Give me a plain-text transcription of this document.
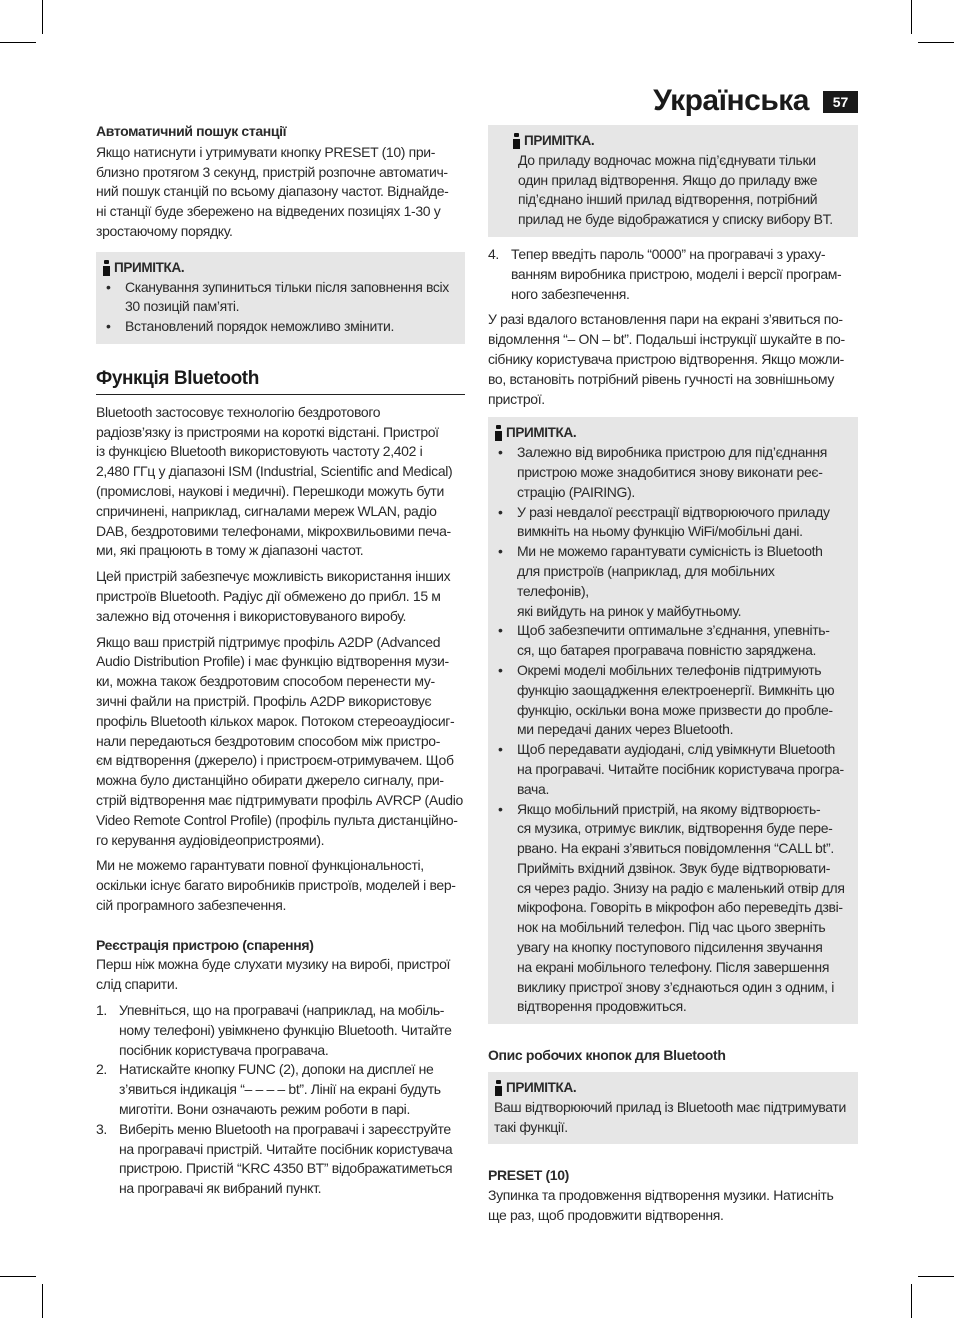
Українська	57

Автоматичний пошук станції

Якщо натиснути і утримувати кнопку PRESET (10) при-
близно протягом 3 секунд, пристрій розпочне автоматич-
ний пошук станцій по всьому діапазону частот. Віднайде-
ні станції буде збережено на відведених позиціях 1-30 у
зростаючому порядку.

ПРИМІТКА.
• Сканування зупиниться тільки після заповнення всіх
30 позицій пам’яті.
• Встановлений порядок неможливо змінити.
Функція Bluetooth

Bluetooth застосовує технологію бездротового
радіозв’язку із пристроями на короткі відстані. Пристрої
із функцією Bluetooth використовують частоту 2,402 і
2,480 ГГц у діапазоні ISM (Industrial, Scientific and Medical)
(промислові, наукові і медичні). Перешкоди можуть бути
спричинені, наприклад, сигналами мереж WLAN, радіо
DAB, бездротовими телефонами, мікрохвильовими печа-
ми, які працюють в тому ж діапазоні частот.

Цей пристрій забезпечує можливість використання інших
пристроїв Bluetooth. Радіус дії обмежено до прибл. 15 м
залежно від оточення і використовуваного виробу.

Якщо ваш пристрій підтримує профіль A2DP (Advanced
Audio Distribution Profile) і має функцію відтворення музи-
ки, можна також бездротовим способом перенести му-
зичні файли на пристрій. Профіль A2DP використовує
профіль Bluetooth кількох марок. Потоком стереоаудіосиг-
нали передаються бездротовим способом між пристро-
єм відтворення (джерело) і пристроєм-отримувачем. Щоб
можна було дистанційно обирати джерело сигналу, при-
стрій відтворення має підтримувати профіль AVRCP (Audio
Video Remote Control Profile) (профіль пульта дистанційно-
го керування аудіовідеопристроями).

Ми не можемо гарантувати повної функціональності,
оскільки існує багато виробників пристроїв, моделей і вер-
сій програмного забезпечення.

Реєстрація пристрою (спарення)

Перш ніж можна буде слухати музику на виробі, пристрої
слід спарити.

1. Упевніться, що на програвачі (наприклад, на мобіль-
ному телефоні) увімкнено функцію Bluetooth. Читайте
посібник користувача програвача.
2. Натискайте кнопку FUNC (2), допоки на дисплеї не
з’явиться індикація “– – – – bt”. Лінії на екрані будуть
миготіти. Вони означають режим роботи в парі.
3. Виберіть меню Bluetooth на програвачі і зареєструйте
на програвачі пристрій. Читайте посібник користувача
пристрою. Пристій “KRC 4350 BT” відображатиметься
на програвачі як вибраний пункт.
ПРИМІТКА.

До приладу водночас можна під’єднувати тільки
один прилад відтворення. Якщо до приладу вже
під’єднано інший прилад відтворення, потрібний
прилад не буде відображатися у списку вибору BT.

4. Тепер введіть пароль “0000” на програвачі з ураху-
ванням виробника пристрою, моделі і версії програм-
ного забезпечення.

У разі вдалого встановлення пари на екрані з’явиться по-
відомлення “– ON – bt”. Подальші інструкції шукайте в по-
сібнику користувача пристрою відтворення. Якщо можли-
во, встановіть потрібний рівень гучності на зовнішньому
пристрої.

ПРИМІТКА.
• Залежно від виробника пристрою для під’єднання
пристрою може знадобитися знову виконати реє-
страцію (PAIRING).
• У разі невдалої реєстрації відтворюючого приладу
вимкніть на ньому функцію WiFi/мобільні дані.
• Ми не можемо гарантувати сумісність із Bluetooth
для пристроїв (наприклад, для мобільних телефонів),
які вийдуть на ринок у майбутньому.
• Щоб забезпечити оптимальне з’єднання, упевніть-
ся, що батарея програвача повністю заряджена.
• Окремі моделі мобільних телефонів підтримують
функцію заощадження електроенергії. Вимкніть цю
функцію, оскільки вона може призвести до пробле-
ми передачі даних через Bluetooth.
• Щоб передавати аудіодані, слід увімкнути Bluetooth
на програвачі. Читайте посібник користувача програ-
вача.
• Якщо мобільний пристрій, на якому відтворюєть-
ся музика, отримує виклик, відтворення буде пере-
рвано. На екрані з’явиться повідомлення “CALL bt”.
Прийміть вхідний дзвінок. Звук буде відтворювати-
ся через радіо. Знизу на радіо є маленький отвір для
мікрофона. Говоріть в мікрофон або переведіть дзві-
нок на мобільний телефон. Під час цього зверніть
увагу на кнопку поступового підсилення звучання
на екрані мобільного телефону. Після завершення
виклику пристрої знову з’єднаються один з одним, і
відтворення продовжиться.

Опис робочих кнопок для Bluetooth

ПРИМІТКА.

Ваш відтворюючий прилад із Bluetooth має підтримувати
такі функції.

PRESET (10)

Зупинка та продовження відтворення музики. Натисніть
ще раз, щоб продовжити відтворення.
